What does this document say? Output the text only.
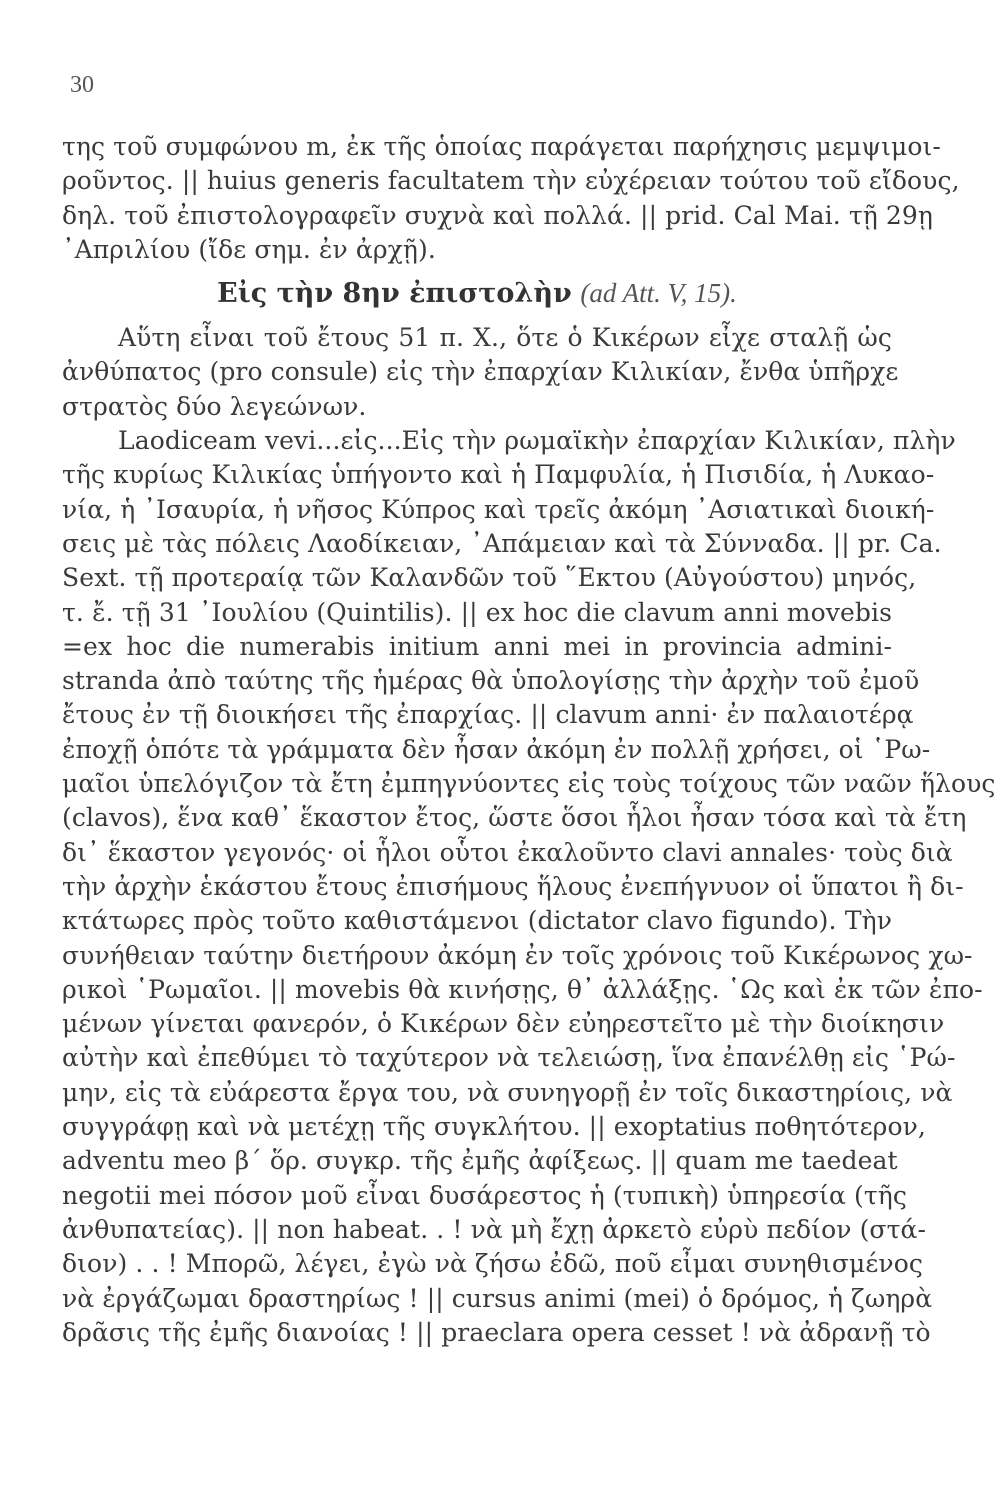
30
της τοῦ συμφώνου m, ἐκ τῆς ὁποίας παράγεται παρήχησις μεμψιμοι-
ροῦντος. || huius generis facultatem τὴν εὐχέρειαν τούτου τοῦ εἴδους,
δηλ. τοῦ ἐπιστολογραφεῖν συχνὰ καὶ πολλά. || prid. Cal Mai. τῇ 29ῃ
᾿Απριλίου (ἴδε σημ. ἐν ἀρχῇ).
Εἰς τὴν 8ην ἐπιστολὴν (ad Att. V, 15).
Αὕτη εἶναι τοῦ ἔτους 51 π. Χ., ὅτε ὁ Κικέρων εἶχε σταλῇ ὡς
ἀνθύπατος (pro consule) εἰς τὴν ἐπαρχίαν Κιλικίαν, ἔνθα ὑπῆρχε
στρατὸς δύο λεγεώνων.
Laodiceam vevi...εἰς...Εἰς τὴν ρωμαϊκὴν ἐπαρχίαν Κιλικίαν, πλὴν
τῆς κυρίως Κιλικίας ὑπήγοντο καὶ ἡ Παμφυλία, ἡ Πισιδία, ἡ Λυκαο-
νία, ἡ ᾿Ισαυρία, ἡ νῆσος Κύπρος καὶ τρεῖς ἀκόμη ᾿Ασιατικαὶ διοική-
σεις μὲ τὰς πόλεις Λαοδίκειαν, ᾿Απάμειαν καὶ τὰ Σύνναδα. || pr. Ca.
Sext. τῇ προτεραίᾳ τῶν Καλανδῶν τοῦ ῞Εκτου (Αὐγούστου) μηνός,
τ. ἔ. τῇ 31 ᾿Ιουλίου (Quintilis). || ex hoc die clavum anni movebis
=ex hoc die numerabis initium anni mei in provincia admini-
stranda ἀπὸ ταύτης τῆς ἡμέρας θὰ ὑπολογίσῃς τὴν ἀρχὴν τοῦ ἐμοῦ
ἔτους ἐν τῇ διοικήσει τῆς ἐπαρχίας. || clavum anni· ἐν παλαιοτέρᾳ
ἐποχῇ ὁπότε τὰ γράμματα δὲν ἦσαν ἀκόμη ἐν πολλῇ χρήσει, οἱ ῾Ρω-
μαῖοι ὑπελόγιζον τὰ ἔτη ἐμπηγνύοντες εἰς τοὺς τοίχους τῶν ναῶν ἥλους
(clavos), ἕνα καθ᾿ ἕκαστον ἔτος, ὥστε ὅσοι ἧλοι ἦσαν τόσα καὶ τὰ ἔτη
δι᾿ ἕκαστον γεγονός· οἱ ἧλοι οὗτοι ἐκαλοῦντο clavi annales· τοὺς διὰ
τὴν ἀρχὴν ἑκάστου ἔτους ἐπισήμους ἥλους ἐνεπήγνυον οἱ ὕπατοι ἢ δι-
κτάτωρες πρὸς τοῦτο καθιστάμενοι (dictator clavo figundo). Τὴν
συνήθειαν ταύτην διετήρουν ἀκόμη ἐν τοῖς χρόνοις τοῦ Κικέρωνος χω-
ρικοὶ ῾Ρωμαῖοι. || movebis θὰ κινήσῃς, θ᾿ ἀλλάξῃς. ῾Ως καὶ ἐκ τῶν ἐπο-
μένων γίνεται φανερόν, ὁ Κικέρων δὲν εὐηρεστεῖτο μὲ τὴν διοίκησιν
αὐτὴν καὶ ἐπεθύμει τὸ ταχύτερον νὰ τελειώσῃ, ἵνα ἐπανέλθῃ εἰς ῾Ρώ-
μην, εἰς τὰ εὐάρεστα ἔργα του, νὰ συνηγορῇ ἐν τοῖς δικαστηρίοις, νὰ
συγγράφῃ καὶ νὰ μετέχῃ τῆς συγκλήτου. || exoptatius ποθητότερον,
adventu meo β΄ ὅρ. συγκρ. τῆς ἐμῆς ἀφίξεως. || quam me taedeat
negotii mei πόσον μοῦ εἶναι δυσάρεστος ἡ (τυπικὴ) ὑπηρεσία (τῆς
ἀνθυπατείας). || non habeat. . ! νὰ μὴ ἔχῃ ἀρκετὸ εὐρὺ πεδίον (στά-
διον) . . ! Μπορῶ, λέγει, ἐγὼ νὰ ζήσω ἐδῶ, ποῦ εἶμαι συνηθισμένος
νὰ ἐργάζωμαι δραστηρίως ! || cursus animi (mei) ὁ δρόμος, ἡ ζωηρὰ
δρᾶσις τῆς ἐμῆς διανοίας ! || praeclara opera cesset ! νὰ ἀδρανῇ τὸ
